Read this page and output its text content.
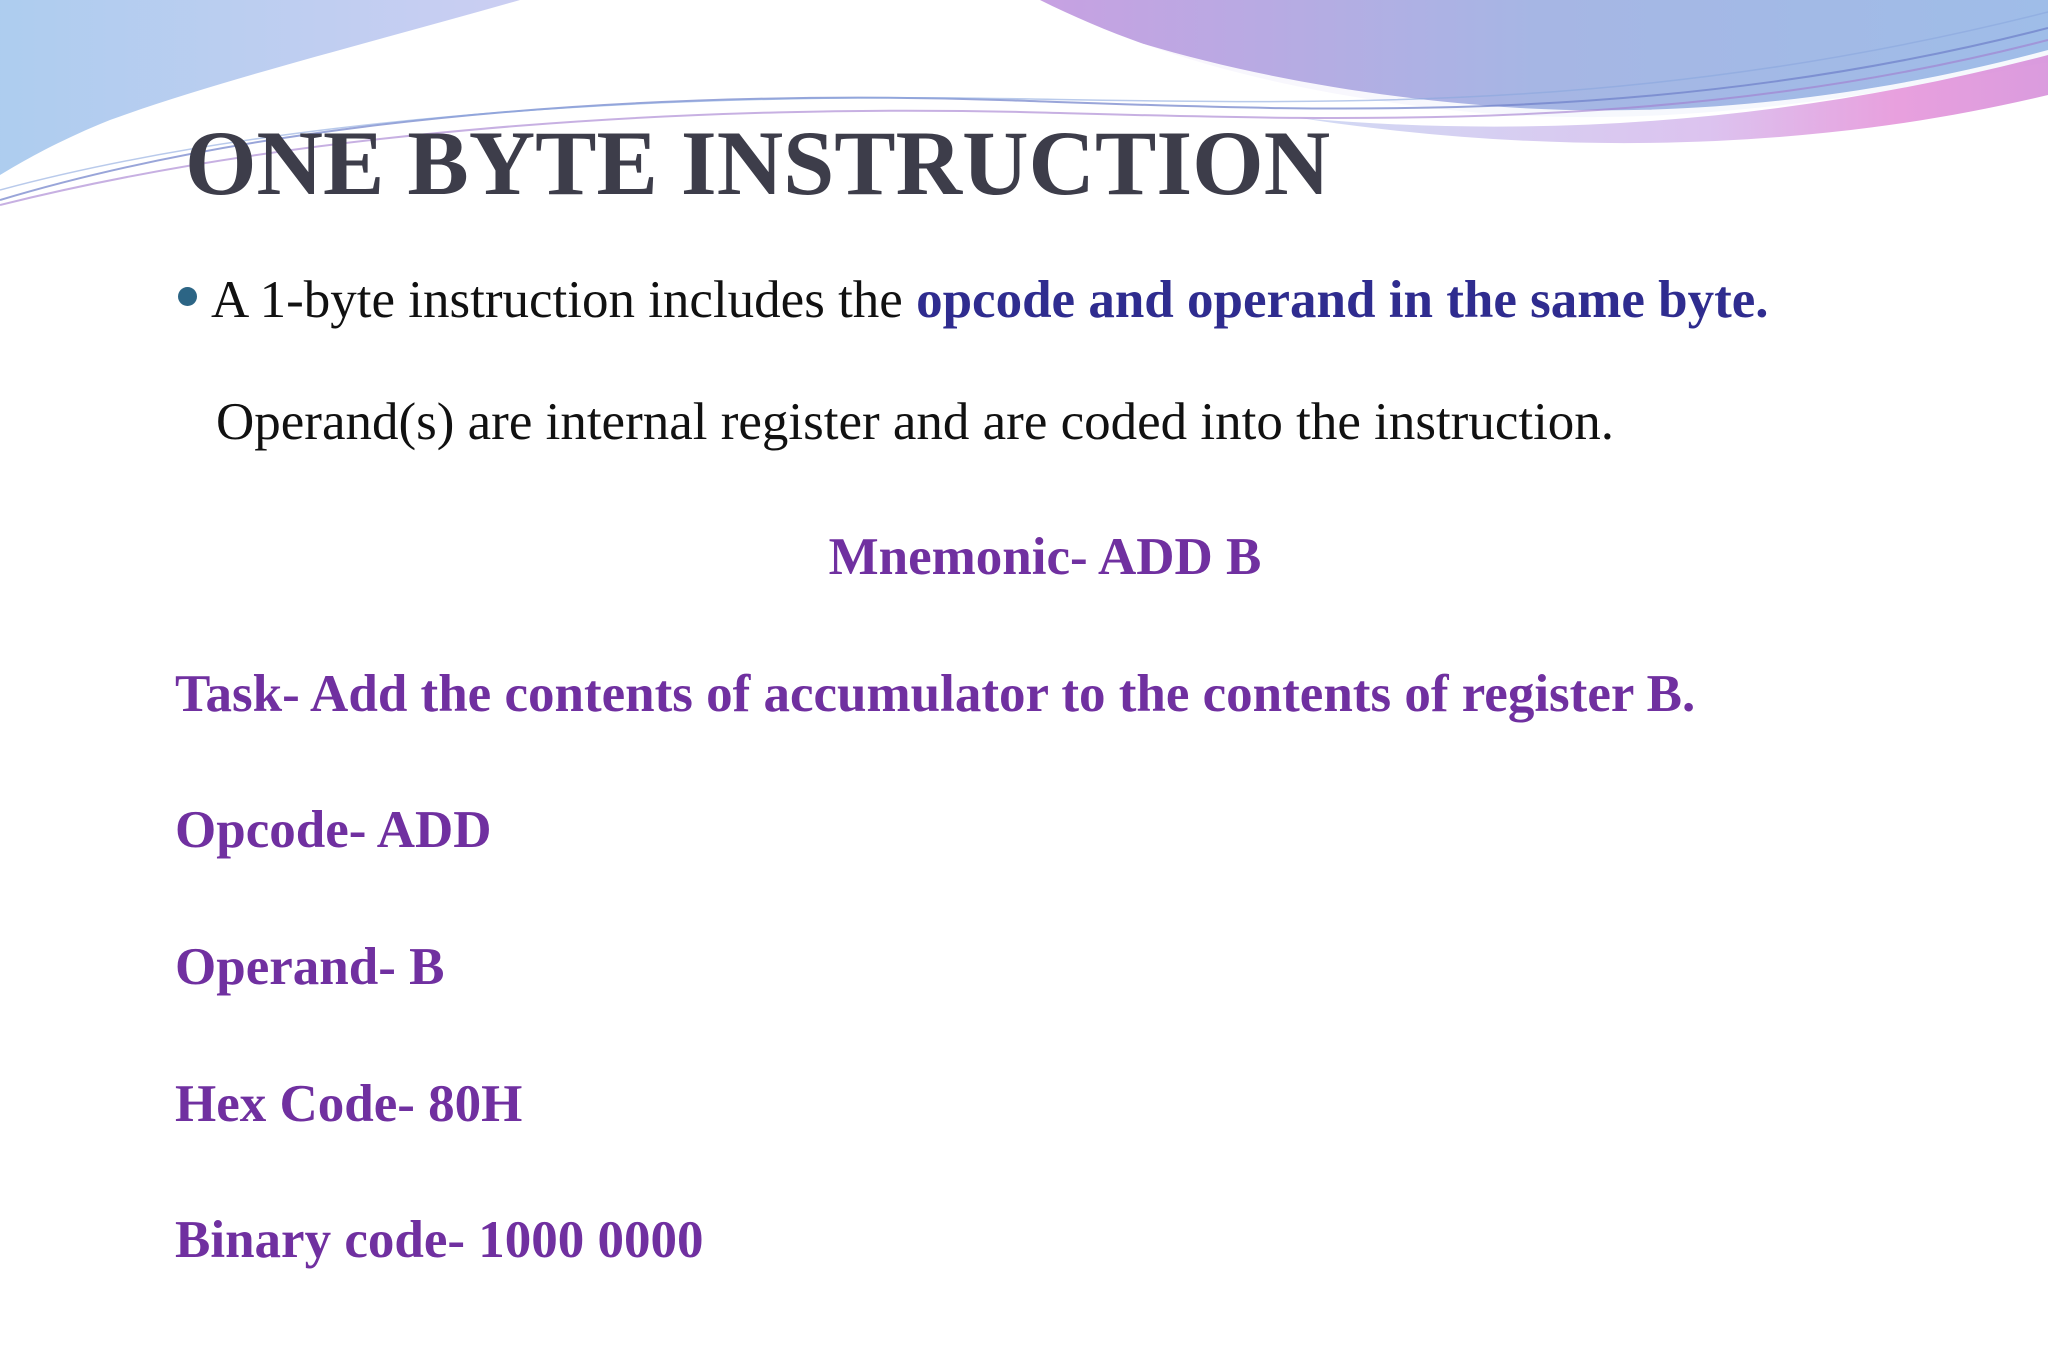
ONE BYTE INSTRUCTION

A 1-byte instruction includes the opcode and operand in the same byte.

Operand(s) are internal register and are coded into the instruction.

Mnemonic- ADD B

Task- Add the contents of accumulator to the contents of register B.

Opcode- ADD

Operand- B

Hex Code- 80H

Binary code- 1000 0000
